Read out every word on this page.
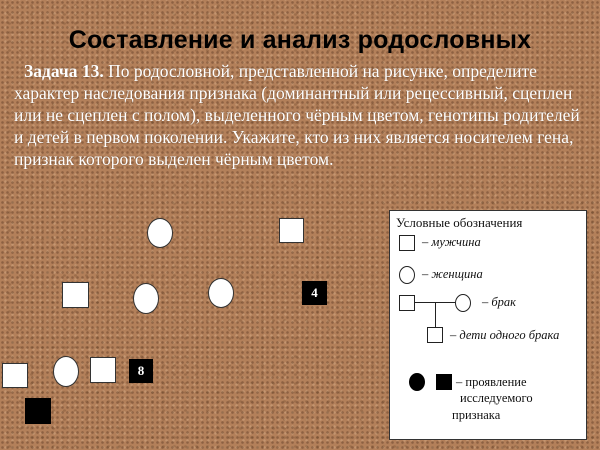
Составление и анализ родословных
Задача 13. По родословной, представленной на рисунке, определите характер наследования признака (доминантный или рецессивный, сцеплен или не сцеплен с полом), выделенного чёрным цветом, генотипы родителей и детей в первом поколении. Укажите, кто из них является носителем гена, признак которого выделен чёрным цветом.
4
8
Условные обозначения
– мужчина
– женщина
– брак
– дети одного брака
– проявление
исследуемого
признака
